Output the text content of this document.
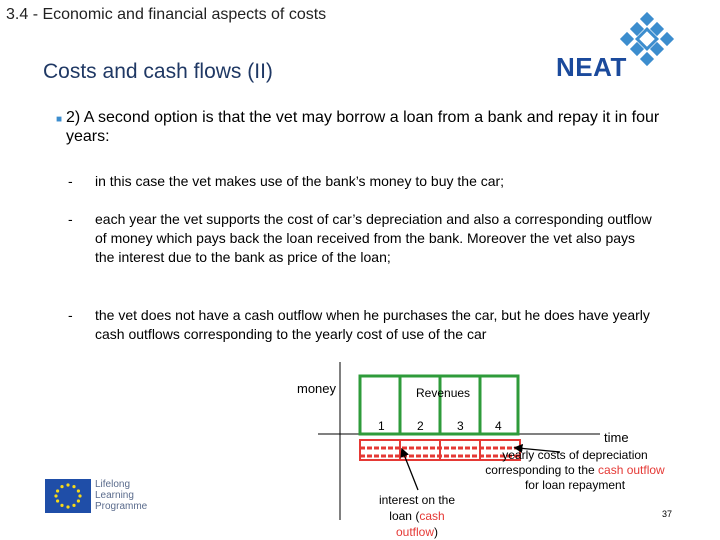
3.4 - Economic and financial aspects of costs
Costs and cash flows (II)	NEAT
■ 2) A second option is that the vet may borrow a loan from a bank and repay it in four years:
-	in this case the vet makes use of the bank’s money to buy the car;
-	each year the vet supports the cost of car’s depreciation and also a corresponding outflow of money which pays back the loan received from the bank. Moreover the vet also pays the interest due to the bank as price of the loan;
-	the vet does not have a cash outflow when he purchases the car, but he does have yearly cash outflows corresponding to the yearly cost of use of the car
money	Revenues
1	2	3	4
time
interest on the loan (cash outflow)
yearly costs of depreciation corresponding to the cash outflow for loan repayment
Lifelong
Learning
Programme
37
